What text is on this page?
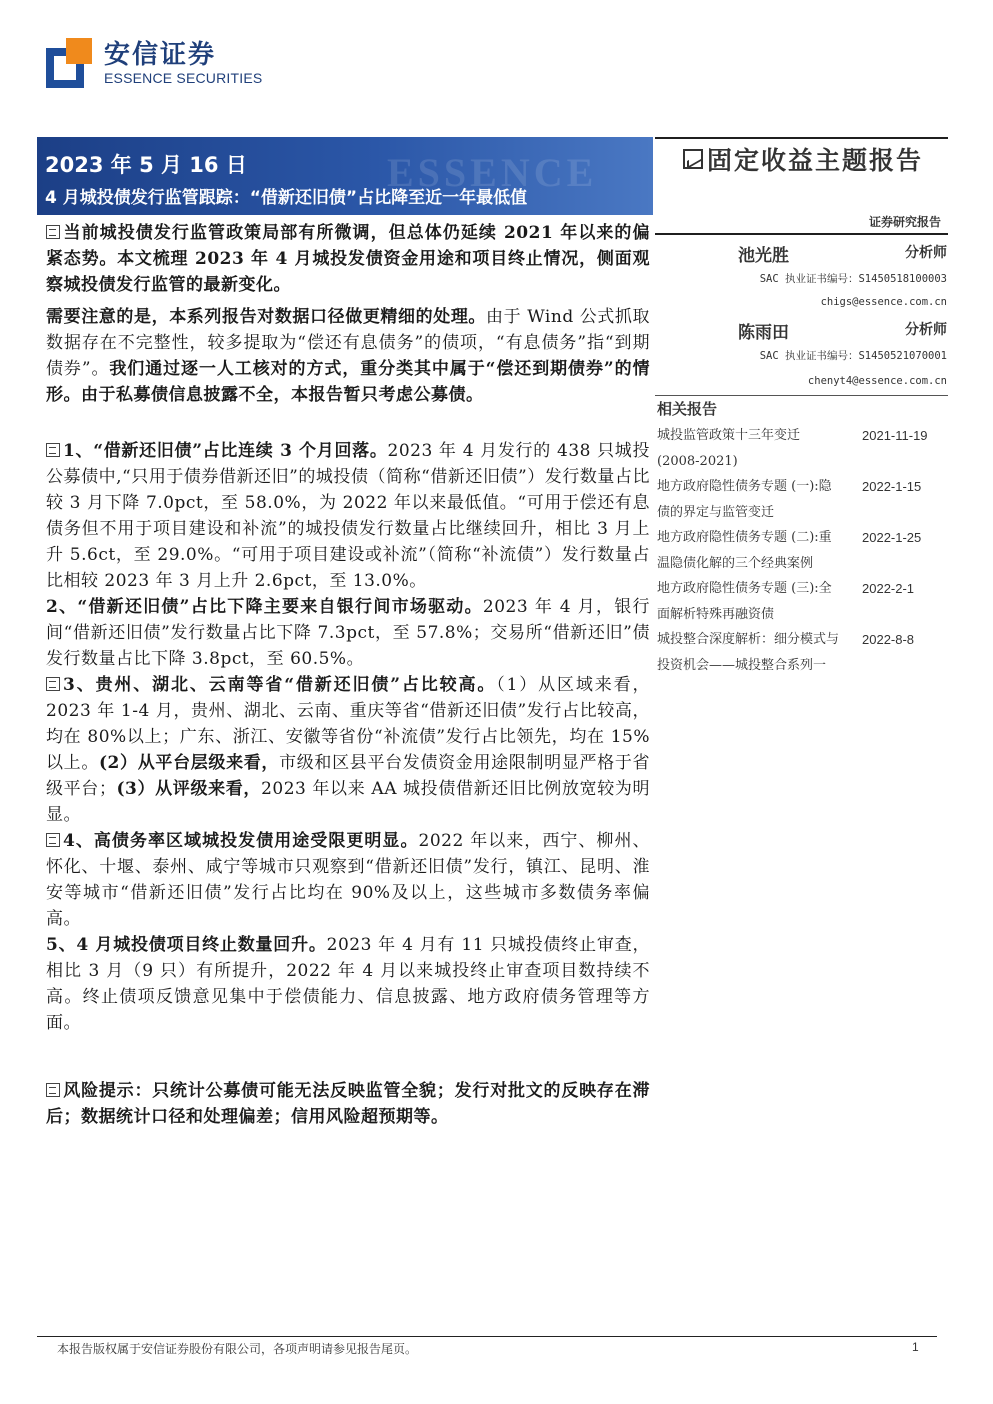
安信证券
ESSENCE SECURITIES
ESSENCE
2023 年 5 月 16 日
4 月城投债发行监管跟踪：“借新还旧债”占比降至近一年最低值
固定收益主题报告
证券研究报告
池光胜	分析师
SAC 执业证书编号：S1450518100003
chigs@essence.com.cn
陈雨田	分析师
SAC 执业证书编号：S1450521070001
chenyt4@essence.com.cn
相关报告
城投监管政策十三年变迁 (2008-2021)
2021-11-19
地方政府隐性债务专题 (一):隐债的界定与监管变迁
2022-1-15
地方政府隐性债务专题 (二):重温隐债化解的三个经典案例
2022-1-25
地方政府隐性债务专题 (三):全面解析特殊再融资债
2022-2-1
城投整合深度解析：细分模式与投资机会——城投整合系列一
2022-8-8

当前城投债发行监管政策局部有所微调，但总体仍延续 2021 年以来的偏紧态势。本文梳理 2023 年 4 月城投发债资金用途和项目终止情况，侧面观察城投债发行监管的最新变化。

需要注意的是，本系列报告对数据口径做更精细的处理。由于 Wind 公式抓取数据存在不完整性，较多提取为“偿还有息债务”的债项，“有息债务”指“到期债券”。我们通过逐一人工核对的方式，重分类其中属于“偿还到期债券”的情形。由于私募债信息披露不全，本报告暂只考虑公募债。

1、“借新还旧债”占比连续 3 个月回落。2023 年 4 月发行的 438 只城投公募债中,“只用于债券借新还旧”的城投债（简称“借新还旧债”）发行数量占比较 3 月下降 7.0pct，至 58.0%，为 2022 年以来最低值。“可用于偿还有息债务但不用于项目建设和补流”的城投债发行数量占比继续回升，相比 3 月上升 5.6ct，至 29.0%。“可用于项目建设或补流”（简称“补流债”）发行数量占比相较 2023 年 3 月上升 2.6pct，至 13.0%。

2、“借新还旧债”占比下降主要来自银行间市场驱动。2023 年 4 月，银行间“借新还旧债”发行数量占比下降 7.3pct，至 57.8%；交易所“借新还旧”债发行数量占比下降 3.8pct，至 60.5%。

3、贵州、湖北、云南等省“借新还旧债”占比较高。（1）从区域来看，2023 年 1-4 月，贵州、湖北、云南、重庆等省“借新还旧债”发行占比较高，均在 80%以上；广东、浙江、安徽等省份“补流债”发行占比领先，均在 15%以上。(2）从平台层级来看，市级和区县平台发债资金用途限制明显严格于省级平台；(3）从评级来看，2023 年以来 AA 城投债借新还旧比例放宽较为明显。

4、高债务率区域城投发债用途受限更明显。2022 年以来，西宁、柳州、怀化、十堰、泰州、咸宁等城市只观察到“借新还旧债”发行，镇江、昆明、淮安等城市“借新还旧债”发行占比均在 90%及以上，这些城市多数债务率偏高。

5、4 月城投债项目终止数量回升。2023 年 4 月有 11 只城投债终止审查，相比 3 月（9 只）有所提升，2022 年 4 月以来城投终止审查项目数持续不高。终止债项反馈意见集中于偿债能力、信息披露、地方政府债务管理等方面。

风险提示：只统计公募债可能无法反映监管全貌；发行对批文的反映存在滞后；数据统计口径和处理偏差；信用风险超预期等。

本报告版权属于安信证券股份有限公司，各项声明请参见报告尾页。	1
